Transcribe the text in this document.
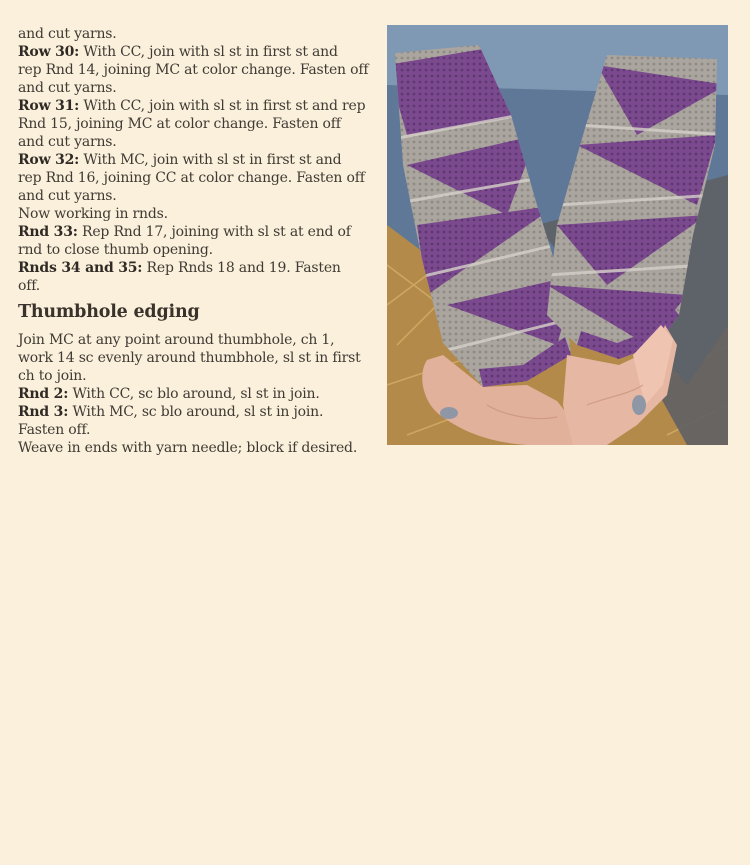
and cut yarns.
Row 30: With CC, join with sl st in first st and
rep Rnd 14, joining MC at color change. Fasten off
and cut yarns.
Row 31: With CC, join with sl st in first st and rep
Rnd 15, joining MC at color change. Fasten off
and cut yarns.
Row 32: With MC, join with sl st in first st and
rep Rnd 16, joining CC at color change. Fasten off
and cut yarns.
Now working in rnds.
Rnd 33: Rep Rnd 17, joining with sl st at end of
rnd to close thumb opening.
Rnds 34 and 35: Rep Rnds 18 and 19. Fasten
off.
Thumbhole edging
Join MC at any point around thumbhole, ch 1,
work 14 sc evenly around thumbhole, sl st in first
ch to join.
Rnd 2: With CC, sc blo around, sl st in join.
Rnd 3: With MC, sc blo around, sl st in join.
Fasten off.
Weave in ends with yarn needle; block if desired.
